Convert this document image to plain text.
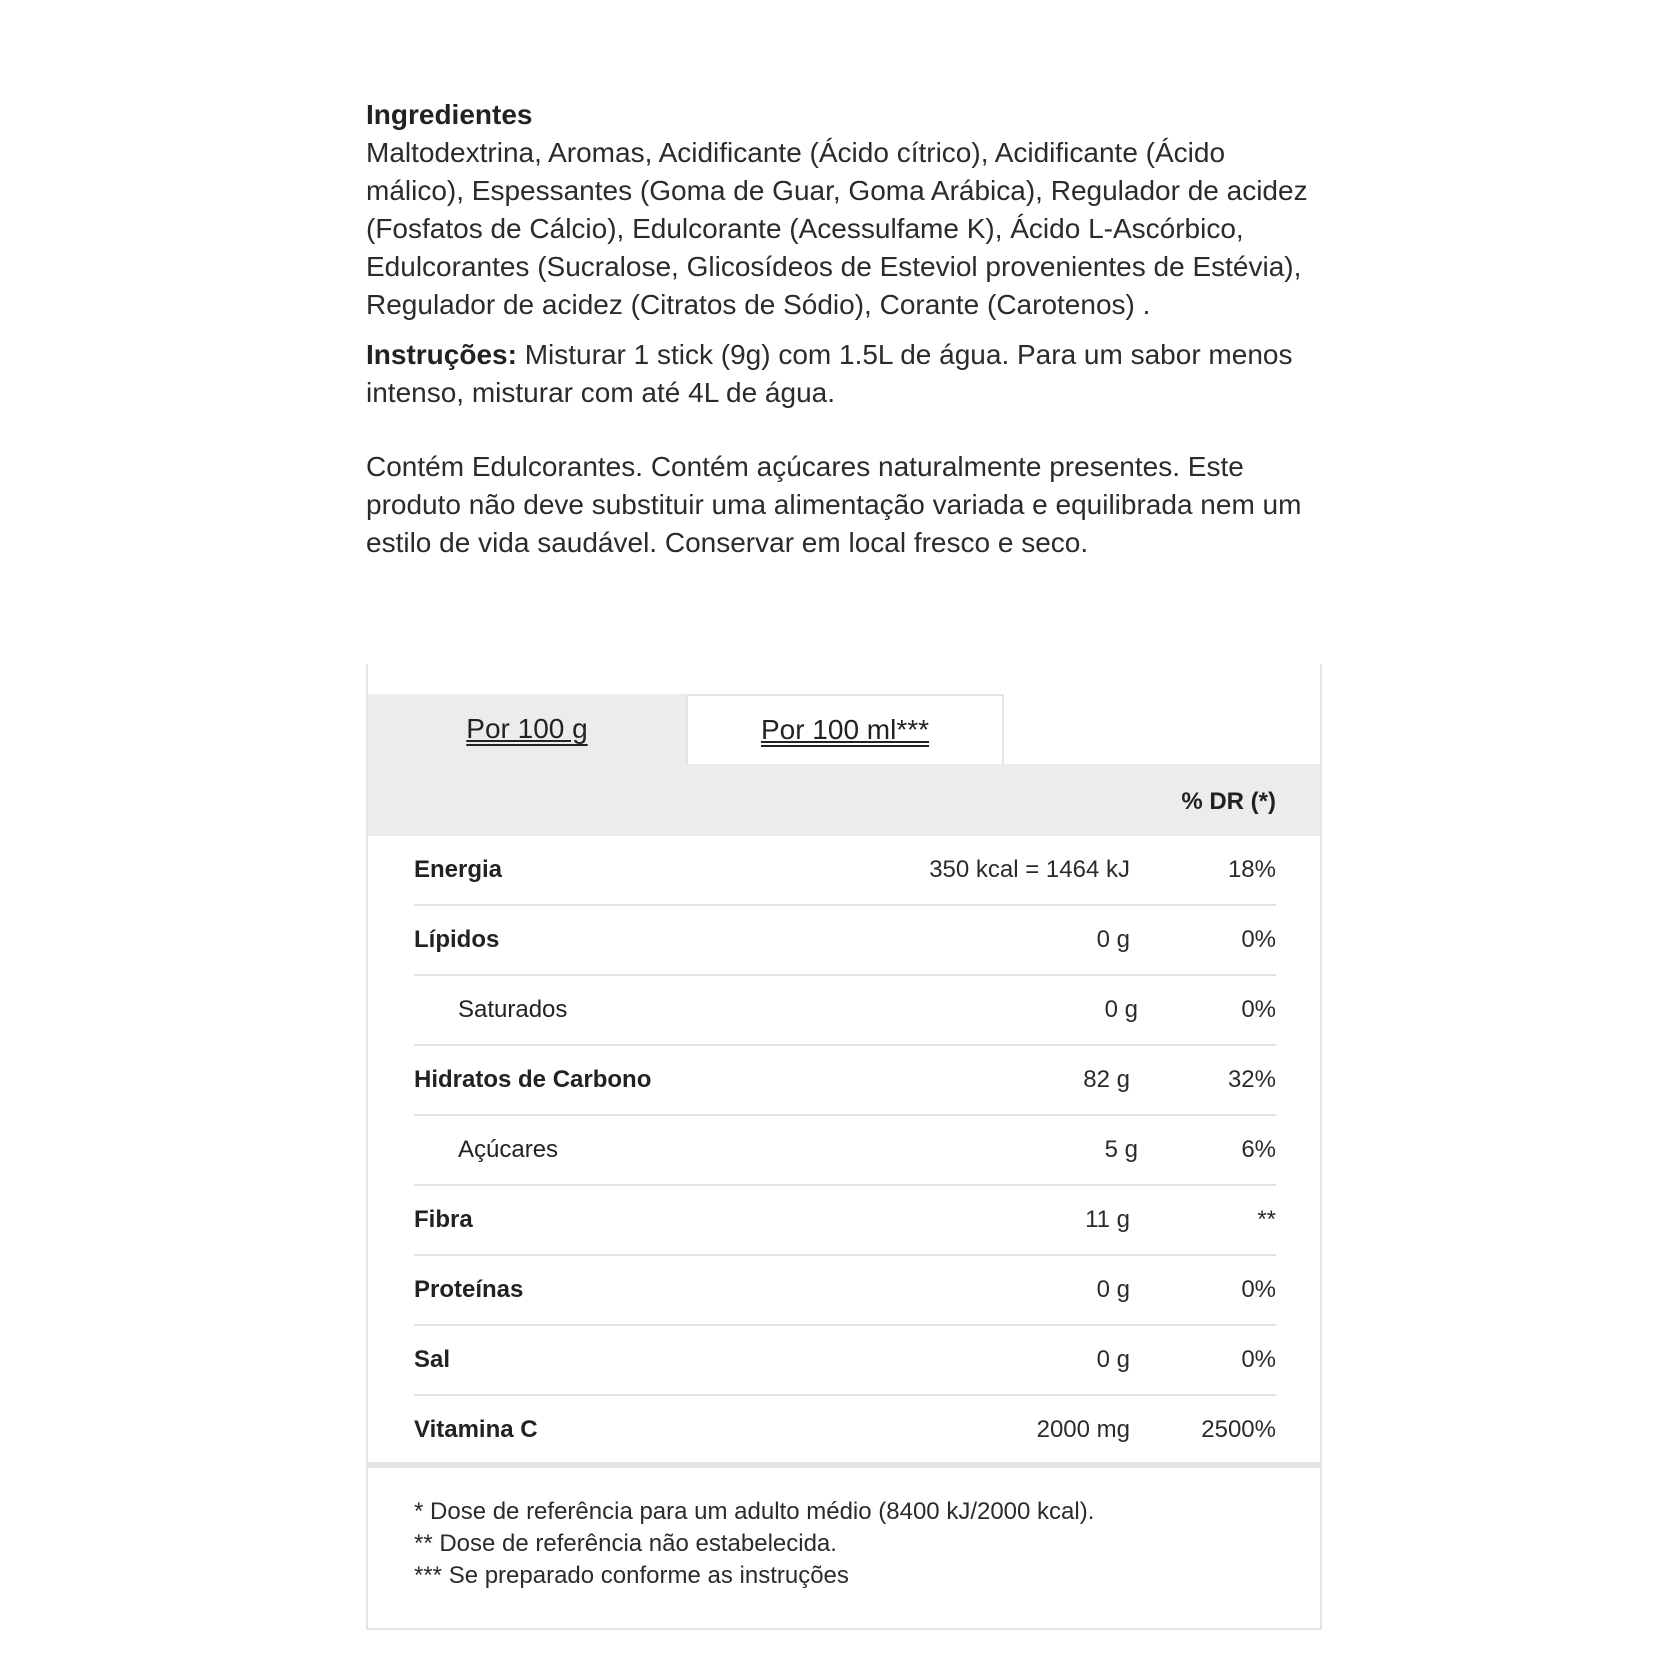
Ingredientes

Maltodextrina, Aromas, Acidificante (Ácido cítrico), Acidificante (Ácido málico), Espessantes (Goma de Guar, Goma Arábica), Regulador de acidez (Fosfatos de Cálcio), Edulcorante (Acessulfame K), Ácido L-Ascórbico, Edulcorantes (Sucralose, Glicosídeos de Esteviol provenientes de Estévia), Regulador de acidez (Citratos de Sódio), Corante (Carotenos) .

Instruções: Misturar 1 stick (9g) com 1.5L de água. Para um sabor menos intenso, misturar com até 4L de água.

Contém Edulcorantes. Contém açúcares naturalmente presentes. Este produto não deve substituir uma alimentação variada e equilibrada nem um estilo de vida saudável. Conservar em local fresco e seco.

Por 100 g	Por 100 ml***
% DR (*)
Energia	350 kcal = 1464 kJ	18%
Lípidos	0 g	0%
Saturados	0 g	0%
Hidratos de Carbono	82 g	32%
Açúcares	5 g	6%
Fibra	11 g	**
Proteínas	0 g	0%
Sal	0 g	0%
Vitamina C	2000 mg	2500%
* Dose de referência para um adulto médio (8400 kJ/2000 kcal).
** Dose de referência não estabelecida.
*** Se preparado conforme as instruções
